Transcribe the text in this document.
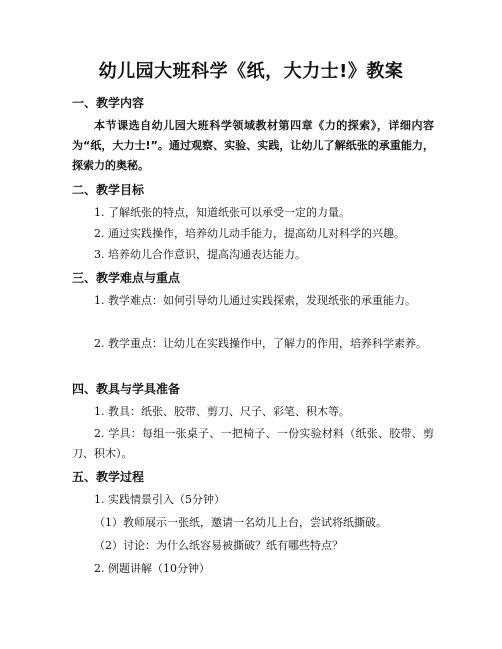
幼儿园大班科学《纸，大力士!》教案
一、教学内容
本节课选自幼儿园大班科学领域教材第四章《力的探索》，详细内容为“纸，大力士!”。通过观察、实验、实践，让幼儿了解纸张的承重能力，探索力的奥秘。
二、教学目标
1. 了解纸张的特点，知道纸张可以承受一定的力量。
2. 通过实践操作，培养幼儿动手能力，提高幼儿对科学的兴趣。
3. 培养幼儿合作意识，提高沟通表达能力。
三、教学难点与重点
1. 教学难点：如何引导幼儿通过实践探索，发现纸张的承重能力。
2. 教学重点：让幼儿在实践操作中，了解力的作用，培养科学素养。
四、教具与学具准备
1. 教具：纸张、胶带、剪刀、尺子、彩笔、积木等。
2. 学具：每组一张桌子、一把椅子、一份实验材料（纸张、胶带、剪刀、积木）。
五、教学过程
1. 实践情景引入（5分钟）
（1）教师展示一张纸，邀请一名幼儿上台，尝试将纸撕破。
（2）讨论：为什么纸容易被撕破？纸有哪些特点？
2. 例题讲解（10分钟）
